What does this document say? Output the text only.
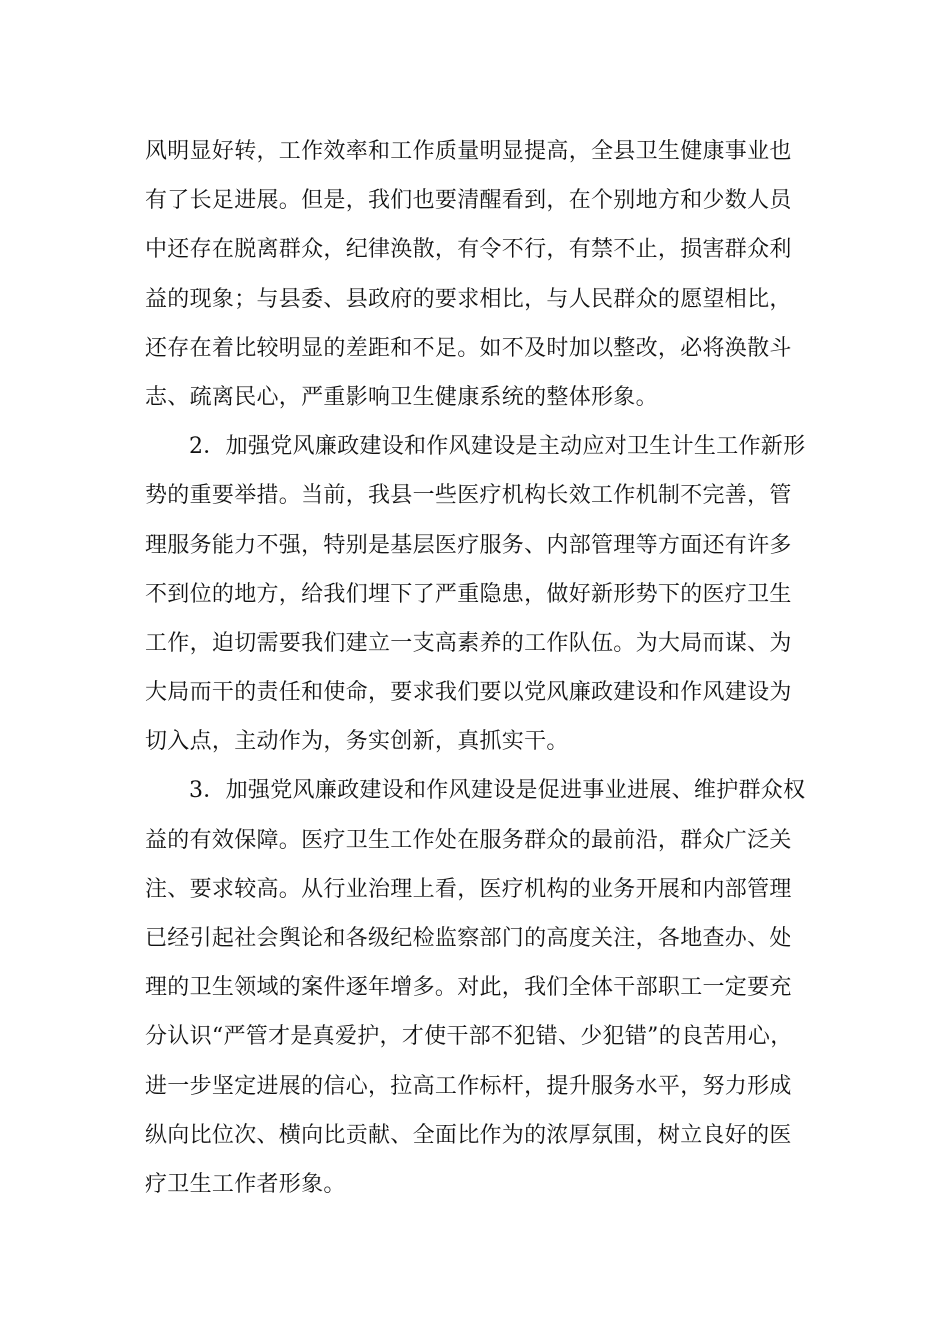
风明显好转，工作效率和工作质量明显提高，全县卫生健康事业也
有了长足进展。但是，我们也要清醒看到，在个别地方和少数人员
中还存在脱离群众，纪律涣散，有令不行，有禁不止，损害群众利
益的现象；与县委、县政府的要求相比，与人民群众的愿望相比，
还存在着比较明显的差距和不足。如不及时加以整改，必将涣散斗
志、疏离民心，严重影响卫生健康系统的整体形象。
2．加强党风廉政建设和作风建设是主动应对卫生计生工作新形
势的重要举措。当前，我县一些医疗机构长效工作机制不完善，管
理服务能力不强，特别是基层医疗服务、内部管理等方面还有许多
不到位的地方，给我们埋下了严重隐患，做好新形势下的医疗卫生
工作，迫切需要我们建立一支高素养的工作队伍。为大局而谋、为
大局而干的责任和使命，要求我们要以党风廉政建设和作风建设为
切入点，主动作为，务实创新，真抓实干。
3．加强党风廉政建设和作风建设是促进事业进展、维护群众权
益的有效保障。医疗卫生工作处在服务群众的最前沿，群众广泛关
注、要求较高。从行业治理上看，医疗机构的业务开展和内部管理
已经引起社会舆论和各级纪检监察部门的高度关注，各地查办、处
理的卫生领域的案件逐年增多。对此，我们全体干部职工一定要充
分认识“严管才是真爱护，才使干部不犯错、少犯错”的良苦用心，
进一步坚定进展的信心，拉高工作标杆，提升服务水平，努力形成
纵向比位次、横向比贡献、全面比作为的浓厚氛围，树立良好的医
疗卫生工作者形象。
